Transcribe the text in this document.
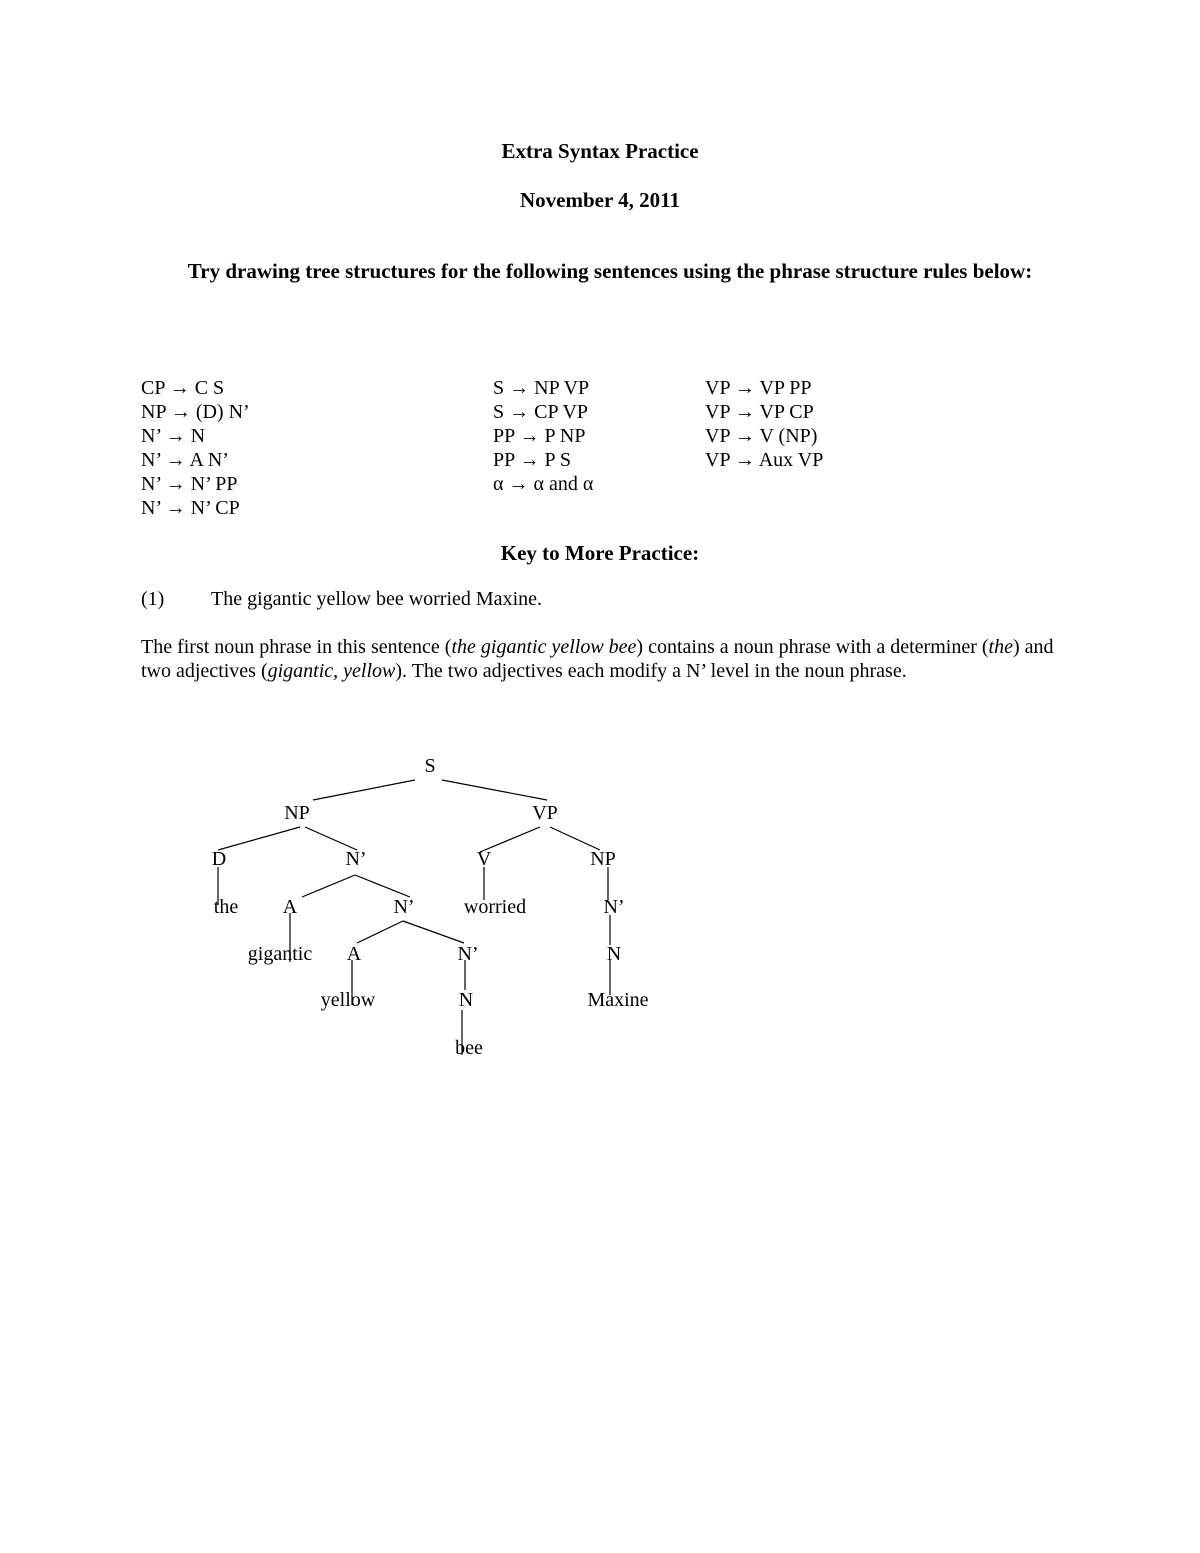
Extra Syntax Practice
November 4, 2011
Try drawing tree structures for the following sentences using the phrase structure rules below:
CP → C S
NP → (D) N’
N’ → N
N’ → A N’
N’ → N’ PP
N’ → N’ CP
S → NP VP
S → CP VP
PP → P NP
PP → P S
α → α and α
VP → VP PP
VP → VP CP
VP → V (NP)
VP → Aux VP
Key to More Practice:
(1) The gigantic yellow bee worried Maxine.
The first noun phrase in this sentence (the gigantic yellow bee) contains a noun phrase with a determiner (the) and two adjectives (gigantic, yellow). The two adjectives each modify a N’ level in the noun phrase.
S
NP	VP
D	N’	V	NP
the A	N’ worried	N’
gigantic A	N’	N
yellow	N	Maxine
bee
